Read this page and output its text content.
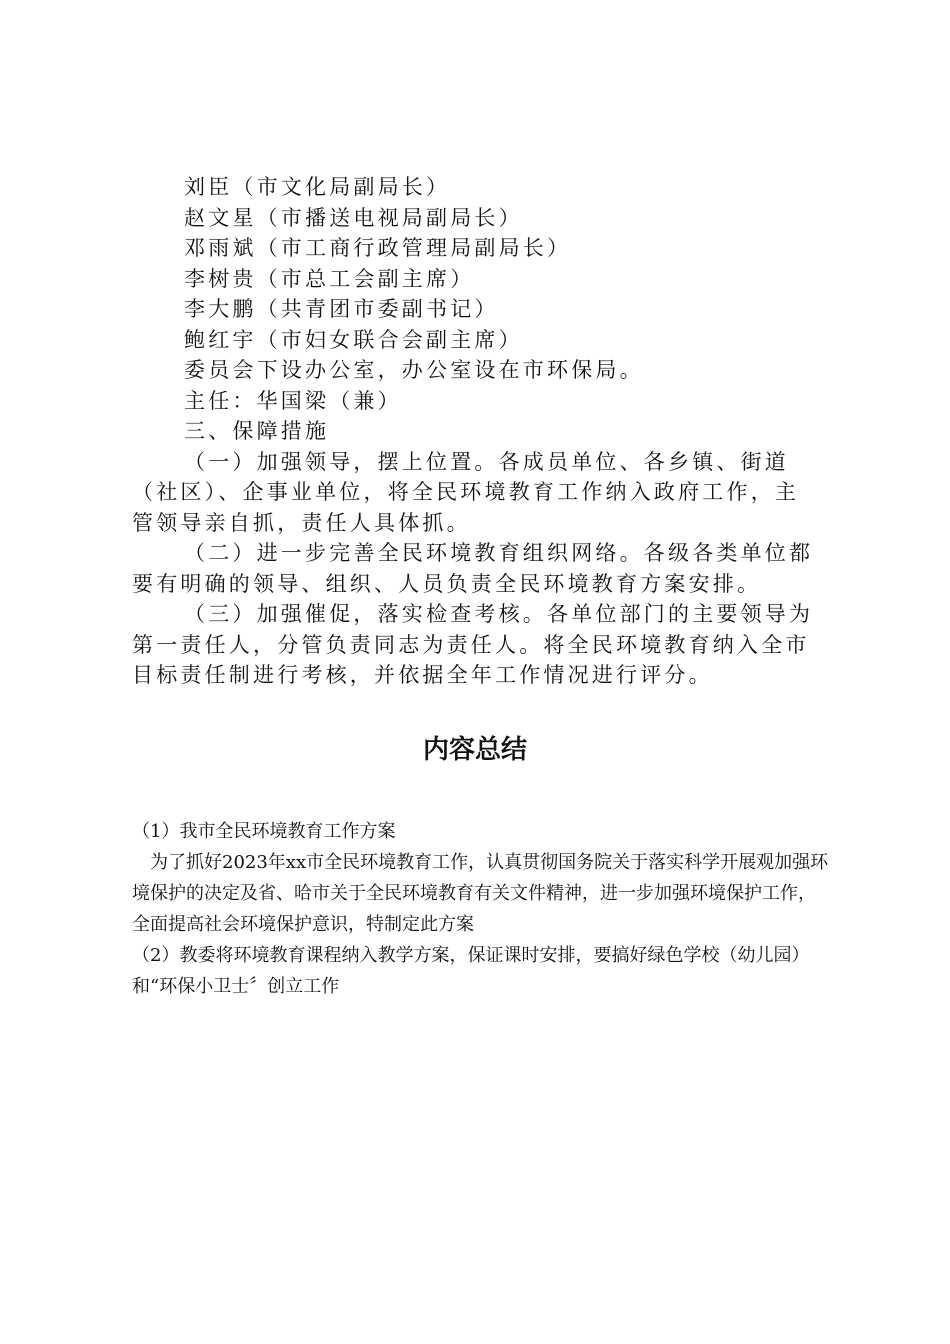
刘臣（市文化局副局长）

赵文星（市播送电视局副局长）

邓雨斌（市工商行政管理局副局长）

李树贵（市总工会副主席）

李大鹏（共青团市委副书记）

鲍红宇（市妇女联合会副主席）

委员会下设办公室，办公室设在市环保局。

主任：华国梁（兼）

三、保障措施

（一）加强领导，摆上位置。各成员单位、各乡镇、街道（社区）、企事业单位，将全民环境教育工作纳入政府工作，主管领导亲自抓，责任人具体抓。

（二）进一步完善全民环境教育组织网络。各级各类单位都要有明确的领导、组织、人员负责全民环境教育方案安排。

（三）加强催促，落实检查考核。各单位部门的主要领导为第一责任人，分管负责同志为责任人。将全民环境教育纳入全市目标责任制进行考核，并依据全年工作情况进行评分。

内容总结

（1）我市全民环境教育工作方案

为了抓好2023年xx市全民环境教育工作，认真贯彻国务院关于落实科学开展观加强环境保护的决定及省、哈市关于全民环境教育有关文件精神，进一步加强环境保护工作，全面提高社会环境保护意识，特制定此方案

（2）教委将环境教育课程纳入教学方案，保证课时安排，要搞好绿色学校（幼儿园）和“环保小卫士〞创立工作
